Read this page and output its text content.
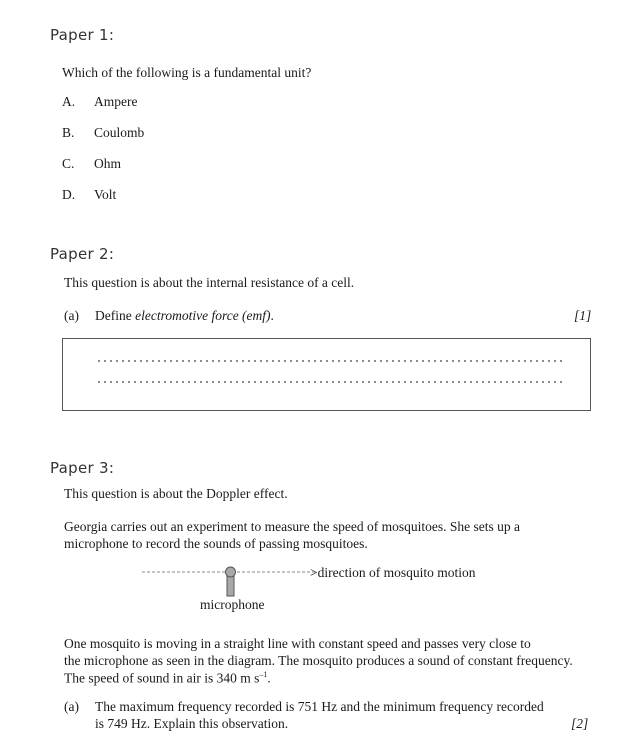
Paper 1:
Which of the following is a fundamental unit?
A. Ampere
B. Coulomb
C. Ohm
D. Volt
Paper 2:
This question is about the internal resistance of a cell.
(a) Define electromotive force (emf).	[1]
Paper 3:
This question is about the Doppler effect.
Georgia carries out an experiment to measure the speed of mosquitoes. She sets up a
microphone to record the sounds of passing mosquitoes.
>direction of mosquito motion
microphone
One mosquito is moving in a straight line with constant speed and passes very close to
the microphone as seen in the diagram. The mosquito produces a sound of constant frequency.
The speed of sound in air is 340 m $s^{-1}$.
(a) The maximum frequency recorded is 751 Hz and the minimum frequency recorded
is 749 Hz. Explain this observation.	[2]
